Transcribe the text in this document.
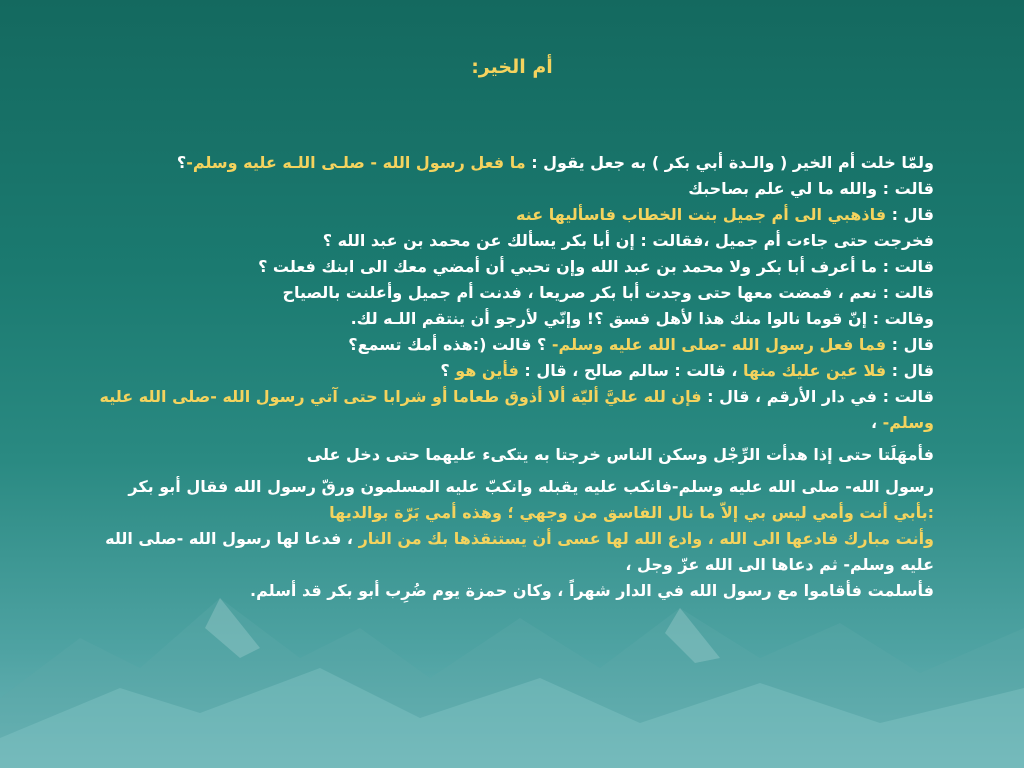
أم الخير:
ولمّا خلت أم الخير ( والـدة أبي بكر ) به جعل يقول : ما فعل رسول الله - صلـى اللـه عليه وسلم-؟
قالت : والله ما لي علم بصاحبك
قال : فاذهبي الى أم جميل بنت الخطاب فاسأليها عنه
فخرجت حتى جاءت أم جميل ،فقالت : إن أبا بكر يسألك عن محمد بن عبد الله ؟
قالت : ما أعرف أبا بكر ولا محمد بن عبد الله وإن تحبي أن أمضي معك الى ابنك فعلت ؟
قالت : نعم ، فمضت معها حتى وجدت أبا بكر صريعا ، فدنت أم جميل وأعلنت بالصياح
وقالت : إنّ قوما نالوا منك هذا لأهل فسق ؟! وإنّي لأرجو أن ينتقم اللـه لك.
قال : فما فعل رسول الله -صلى الله عليه وسلم- ؟ قالت (:هذه أمك تسمع؟
قال : فلا عين عليك منها ، قالت : سالم صالح ، قال : فأين هو ؟
قالت : في دار الأرقم ، قال : فإن لله عليَّ أليّة ألا أذوق طعاما أو شرابا حتى آتي رسول الله -صلى الله عليه وسلم- ،
فأمهَلَتا حتى إذا هدأت الرِّجْل وسكن الناس خرجتا به يتكىء عليهما حتى دخل على
رسول الله- صلى الله عليه وسلم-فانكب عليه يقبله وانكبّ عليه المسلمون ورقّ رسول الله فقال أبو بكر
:بأبي أنت وأمي ليس بي إلاّ ما نال الفاسق من وجهي ؛ وهذه أمي بَرّة بوالديها
وأنت مبارك فادعها الى الله ، وادع الله لها عسى أن يستنقذها بك من النار ، فدعا لها رسول الله -صلى الله
عليه وسلم- ثم دعاها الى الله عزّ وجل ،
فأسلمت فأقاموا مع رسول الله في الدار شهراً ، وكان حمزة يوم ضُرِب أبو بكر قد أسلم.
